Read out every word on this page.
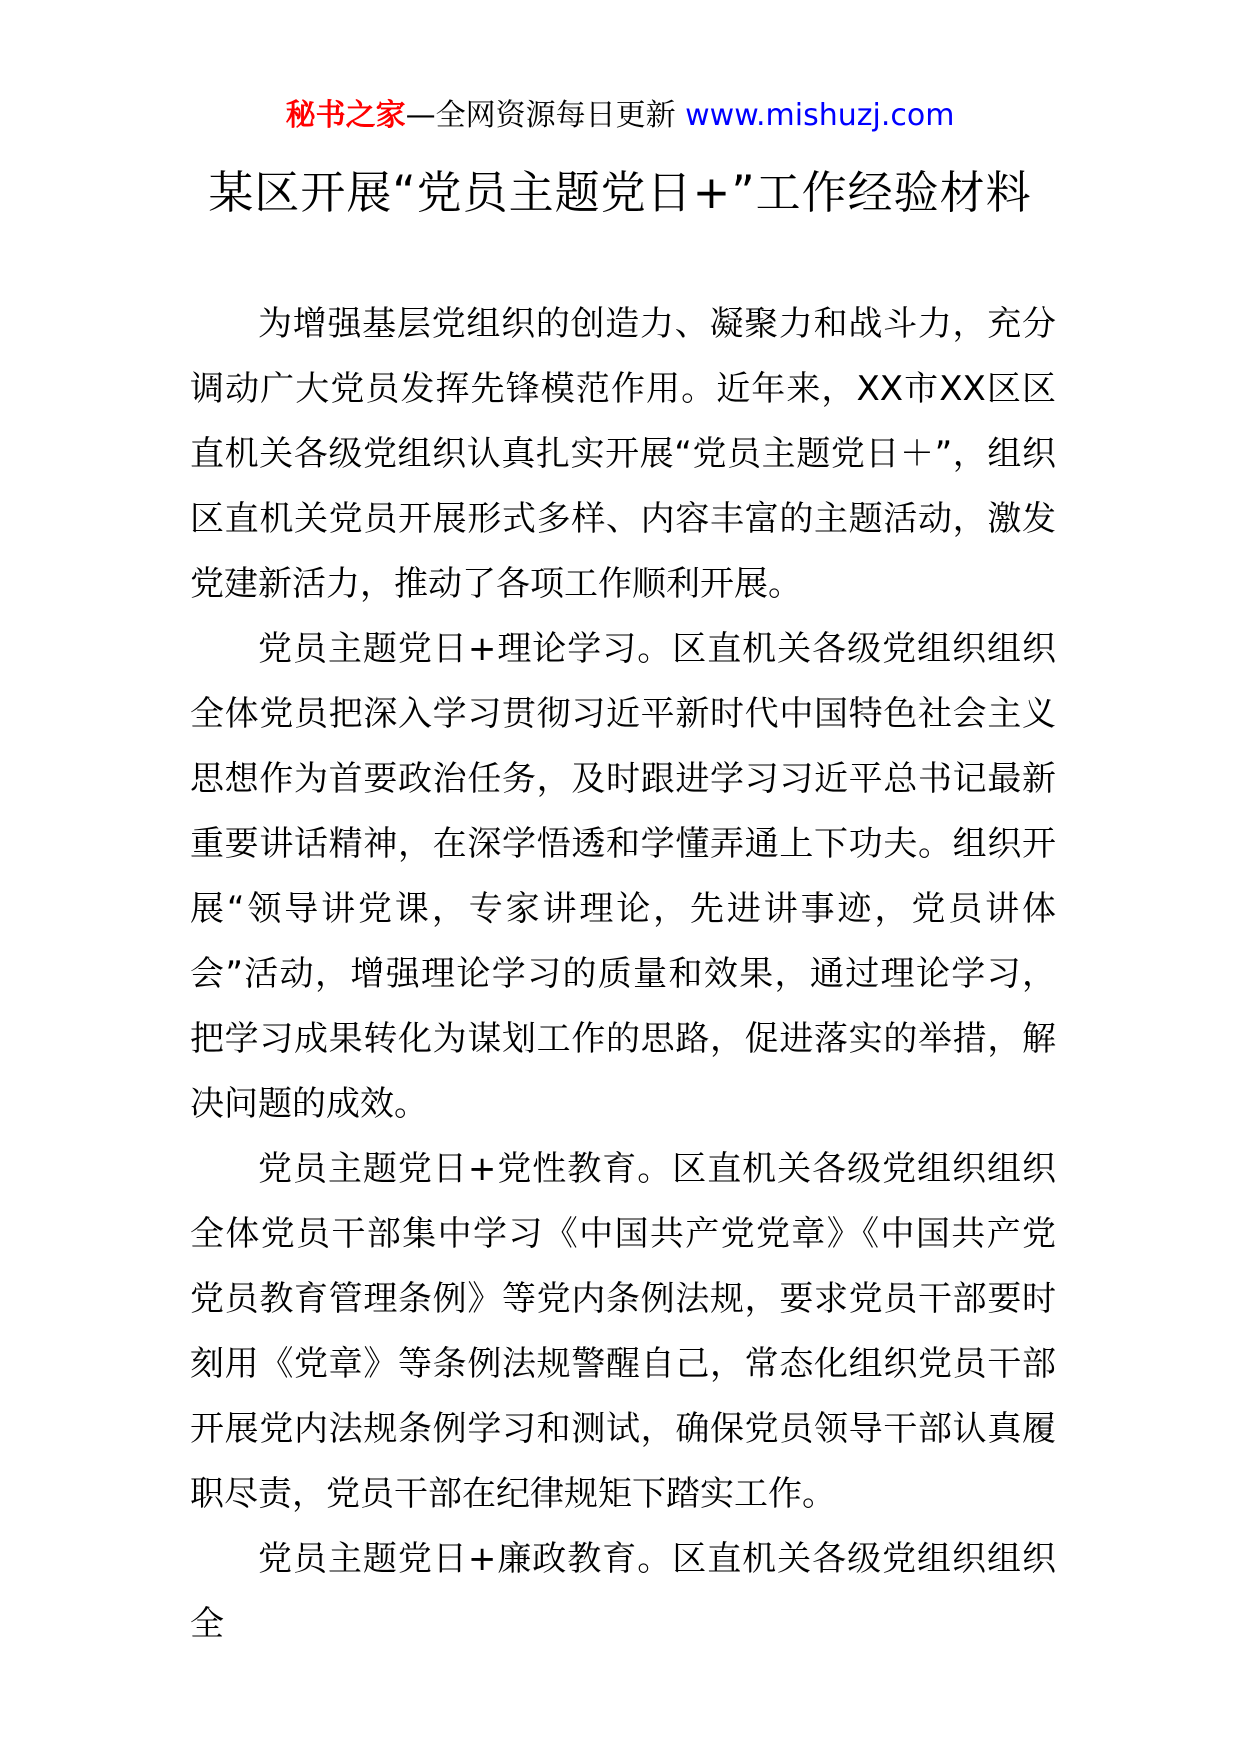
秘书之家—全网资源每日更新 www.mishuzj.com
某区开展“党员主题党日+”工作经验材料

为增强基层党组织的创造力、凝聚力和战斗力，充分调动广大党员发挥先锋模范作用。近年来，XX市XX区区直机关各级党组织认真扎实开展“党员主题党日＋”，组织区直机关党员开展形式多样、内容丰富的主题活动，激发党建新活力，推动了各项工作顺利开展。

党员主题党日+理论学习。区直机关各级党组织组织全体党员把深入学习贯彻习近平新时代中国特色社会主义思想作为首要政治任务，及时跟进学习习近平总书记最新重要讲话精神，在深学悟透和学懂弄通上下功夫。组织开展“领导讲党课，专家讲理论，先进讲事迹，党员讲体会”活动，增强理论学习的质量和效果，通过理论学习，把学习成果转化为谋划工作的思路，促进落实的举措，解决问题的成效。

党员主题党日+党性教育。区直机关各级党组织组织全体党员干部集中学习《中国共产党党章》《中国共产党党员教育管理条例》等党内条例法规，要求党员干部要时刻用《党章》等条例法规警醒自己，常态化组织党员干部开展党内法规条例学习和测试，确保党员领导干部认真履职尽责，党员干部在纪律规矩下踏实工作。

党员主题党日+廉政教育。区直机关各级党组织组织全
